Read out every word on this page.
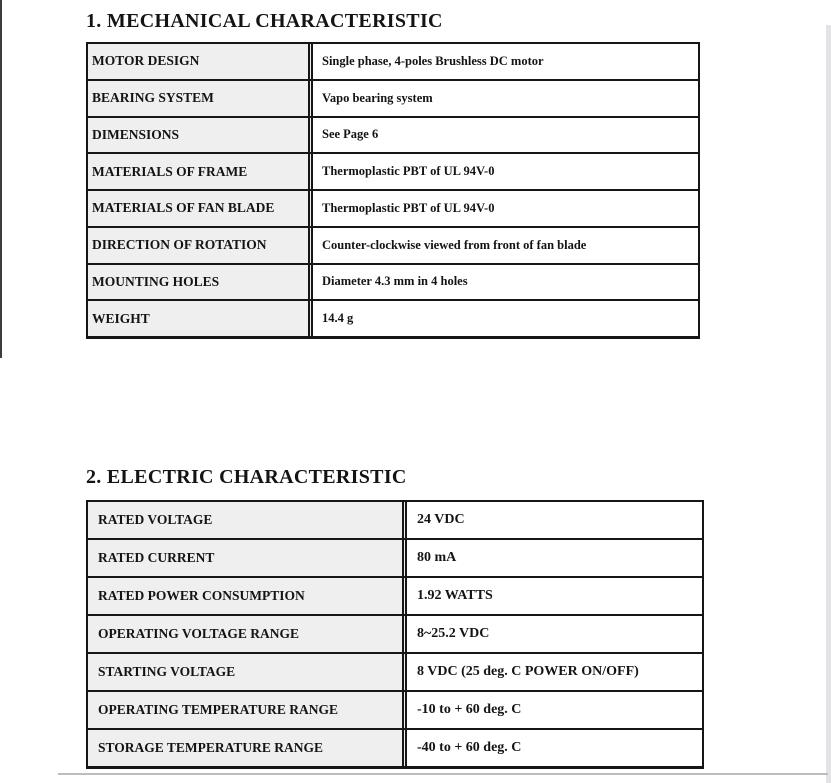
1. MECHANICAL CHARACTERISTIC
MOTOR DESIGN	Single phase, 4-poles Brushless DC motor
BEARING SYSTEM	Vapo bearing system
DIMENSIONS	See Page 6
MATERIALS OF FRAME	Thermoplastic PBT of UL 94V-0
MATERIALS OF FAN BLADE	Thermoplastic PBT of UL 94V-0
DIRECTION OF ROTATION	Counter-clockwise viewed from front of fan blade
MOUNTING HOLES	Diameter 4.3 mm in 4 holes
WEIGHT	14.4 g
2. ELECTRIC CHARACTERISTIC
RATED VOLTAGE	24 VDC
RATED CURRENT	80 mA
RATED POWER CONSUMPTION	1.92 WATTS
OPERATING VOLTAGE RANGE	8~25.2 VDC
STARTING VOLTAGE	8 VDC (25 deg. C POWER ON/OFF)
OPERATING TEMPERATURE RANGE	-10 to + 60 deg. C
STORAGE TEMPERATURE RANGE	-40 to + 60 deg. C
